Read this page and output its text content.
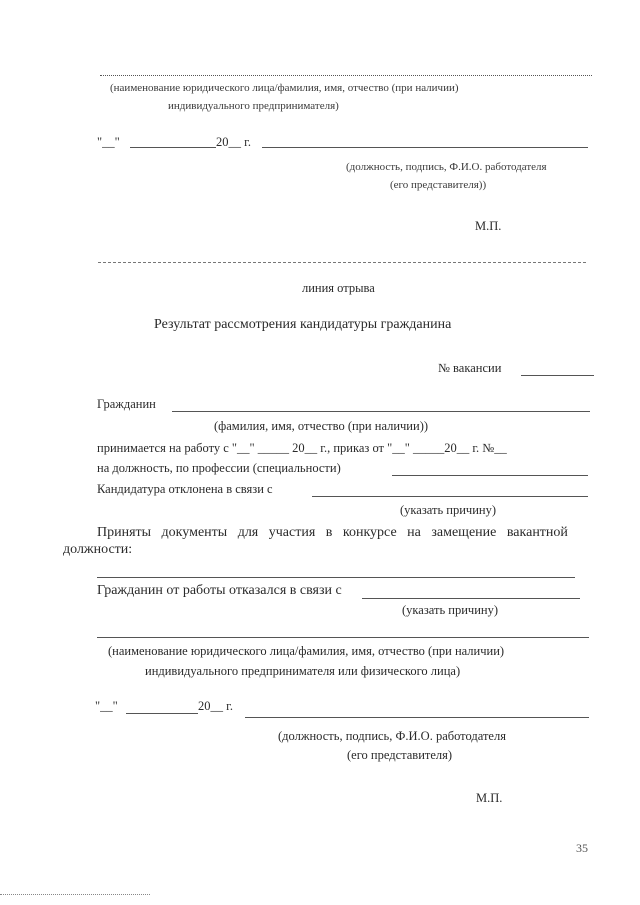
(наименование юридического лица/фамилия, имя, отчество (при наличии)
индивидуального предпринимателя)
"__"	20__ г.
(должность, подпись, Ф.И.О. работодателя
(его представителя))
М.П.
линия отрыва
Результат рассмотрения кандидатуры гражданина
№ вакансии
Гражданин
(фамилия, имя, отчество (при наличии))
принимается на работу с "__" _____ 20__ г., приказ от "__" _____20__ г. №__
на должность, по профессии (специальности)
Кандидатура отклонена в связи с
(указать причину)
Приняты документы для участия в конкурсе на замещение вакантной
должности:
Гражданин от работы отказался в связи с
(указать причину)
(наименование юридического лица/фамилия, имя, отчество (при наличии)
индивидуального предпринимателя или физического лица)
"__"	20__ г.
(должность, подпись, Ф.И.О. работодателя
(его представителя)
М.П.
35
